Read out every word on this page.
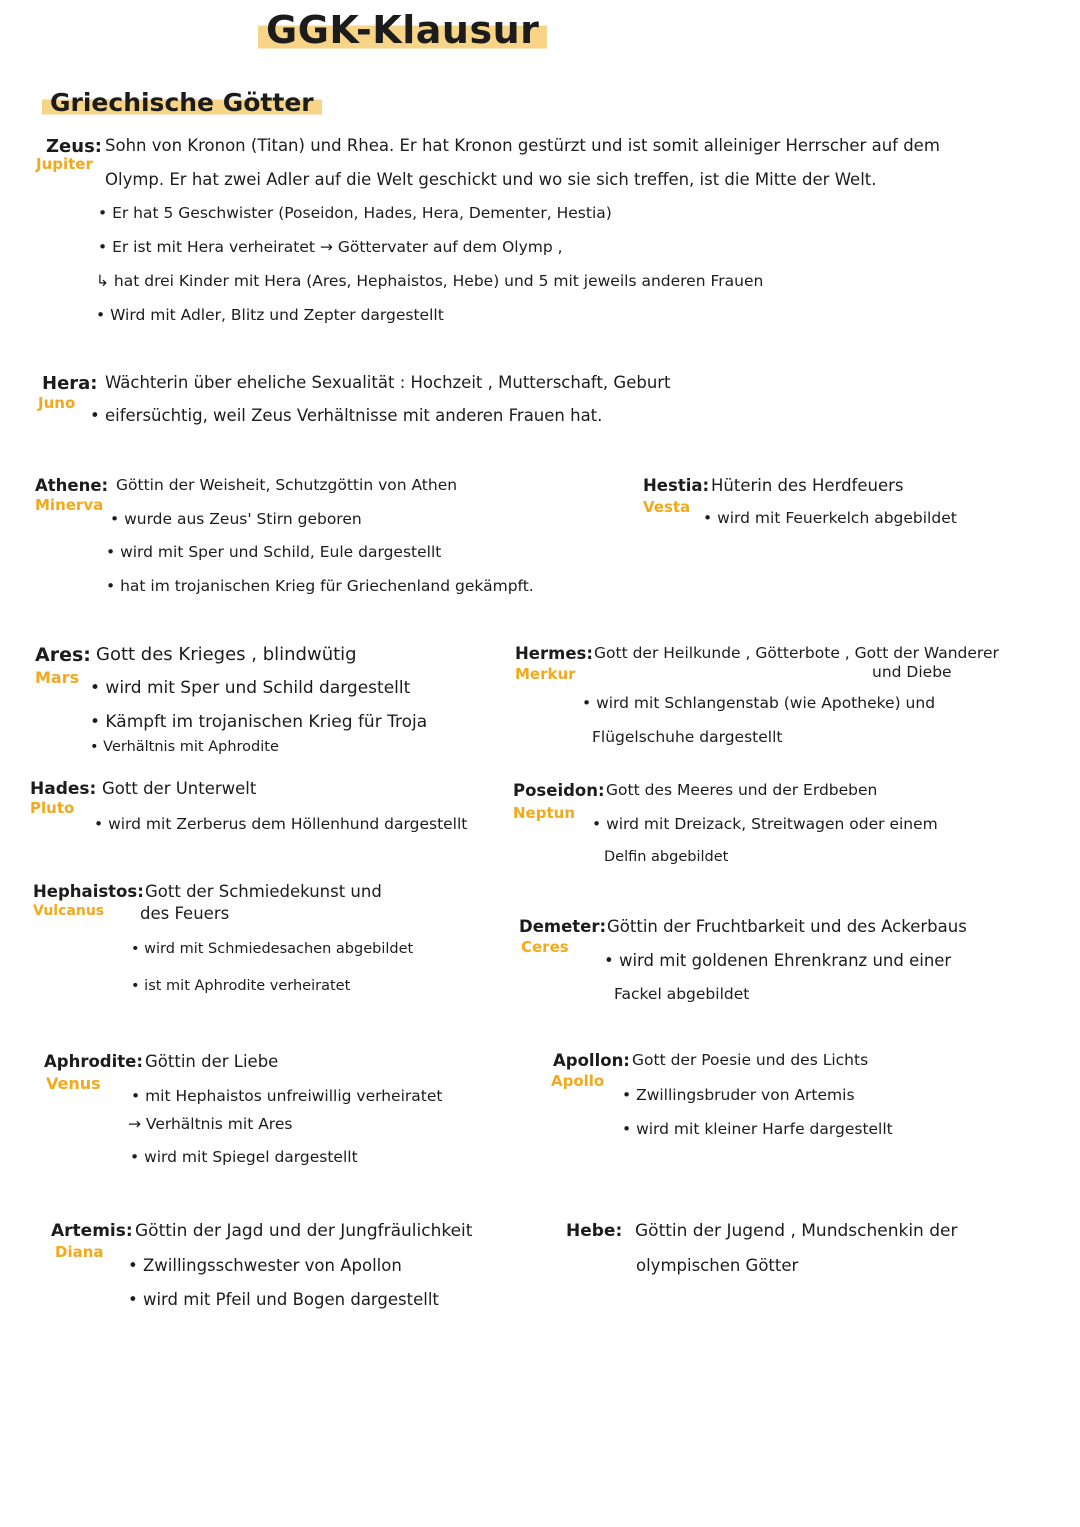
GGK-Klausur
Griechische Götter
Zeus:
Jupiter
Sohn von Kronon (Titan) und Rhea. Er hat Kronon gestürzt und ist somit alleiniger Herrscher auf dem
Olymp. Er hat zwei Adler auf die Welt geschickt und wo sie sich treffen, ist die Mitte der Welt.
• Er hat 5 Geschwister (Poseidon, Hades, Hera, Dementer, Hestia)
• Er ist mit Hera verheiratet → Göttervater auf dem Olymp ,
↳ hat drei Kinder mit Hera (Ares, Hephaistos, Hebe) und 5 mit jeweils anderen Frauen
• Wird mit Adler, Blitz und Zepter dargestellt
Hera:
Juno
Wächterin über eheliche Sexualität : Hochzeit , Mutterschaft, Geburt
• eifersüchtig, weil Zeus Verhältnisse mit anderen Frauen hat.
Athene:
Minerva
Göttin der Weisheit, Schutzgöttin von Athen
• wurde aus Zeus' Stirn geboren
• wird mit Sper und Schild, Eule dargestellt
• hat im trojanischen Krieg für Griechenland gekämpft.
Hestia:
Vesta
Hüterin des Herdfeuers
• wird mit Feuerkelch abgebildet
Ares:
Mars
Gott des Krieges , blindwütig
• wird mit Sper und Schild dargestellt
• Kämpft im trojanischen Krieg für Troja
• Verhältnis mit Aphrodite
Hermes:
Merkur
Gott der Heilkunde , Götterbote , Gott der Wanderer
und Diebe
• wird mit Schlangenstab (wie Apotheke) und
Flügelschuhe dargestellt
Hades:
Pluto
Gott der Unterwelt
• wird mit Zerberus dem Höllenhund dargestellt
Poseidon:
Neptun
Gott des Meeres und der Erdbeben
• wird mit Dreizack, Streitwagen oder einem
Delfin abgebildet
Hephaistos:
Vulcanus
Gott der Schmiedekunst und
des Feuers
• wird mit Schmiedesachen abgebildet
• ist mit Aphrodite verheiratet
Demeter:
Ceres
Göttin der Fruchtbarkeit und des Ackerbaus
• wird mit goldenen Ehrenkranz und einer
Fackel abgebildet
Aphrodite:
Venus
Göttin der Liebe
• mit Hephaistos unfreiwillig verheiratet
→ Verhältnis mit Ares
• wird mit Spiegel dargestellt
Apollon:
Apollo
Gott der Poesie und des Lichts
• Zwillingsbruder von Artemis
• wird mit kleiner Harfe dargestellt
Artemis:
Diana
Göttin der Jagd und der Jungfräulichkeit
• Zwillingsschwester von Apollon
• wird mit Pfeil und Bogen dargestellt
Hebe: Göttin der Jugend , Mundschenkin der
olympischen Götter
